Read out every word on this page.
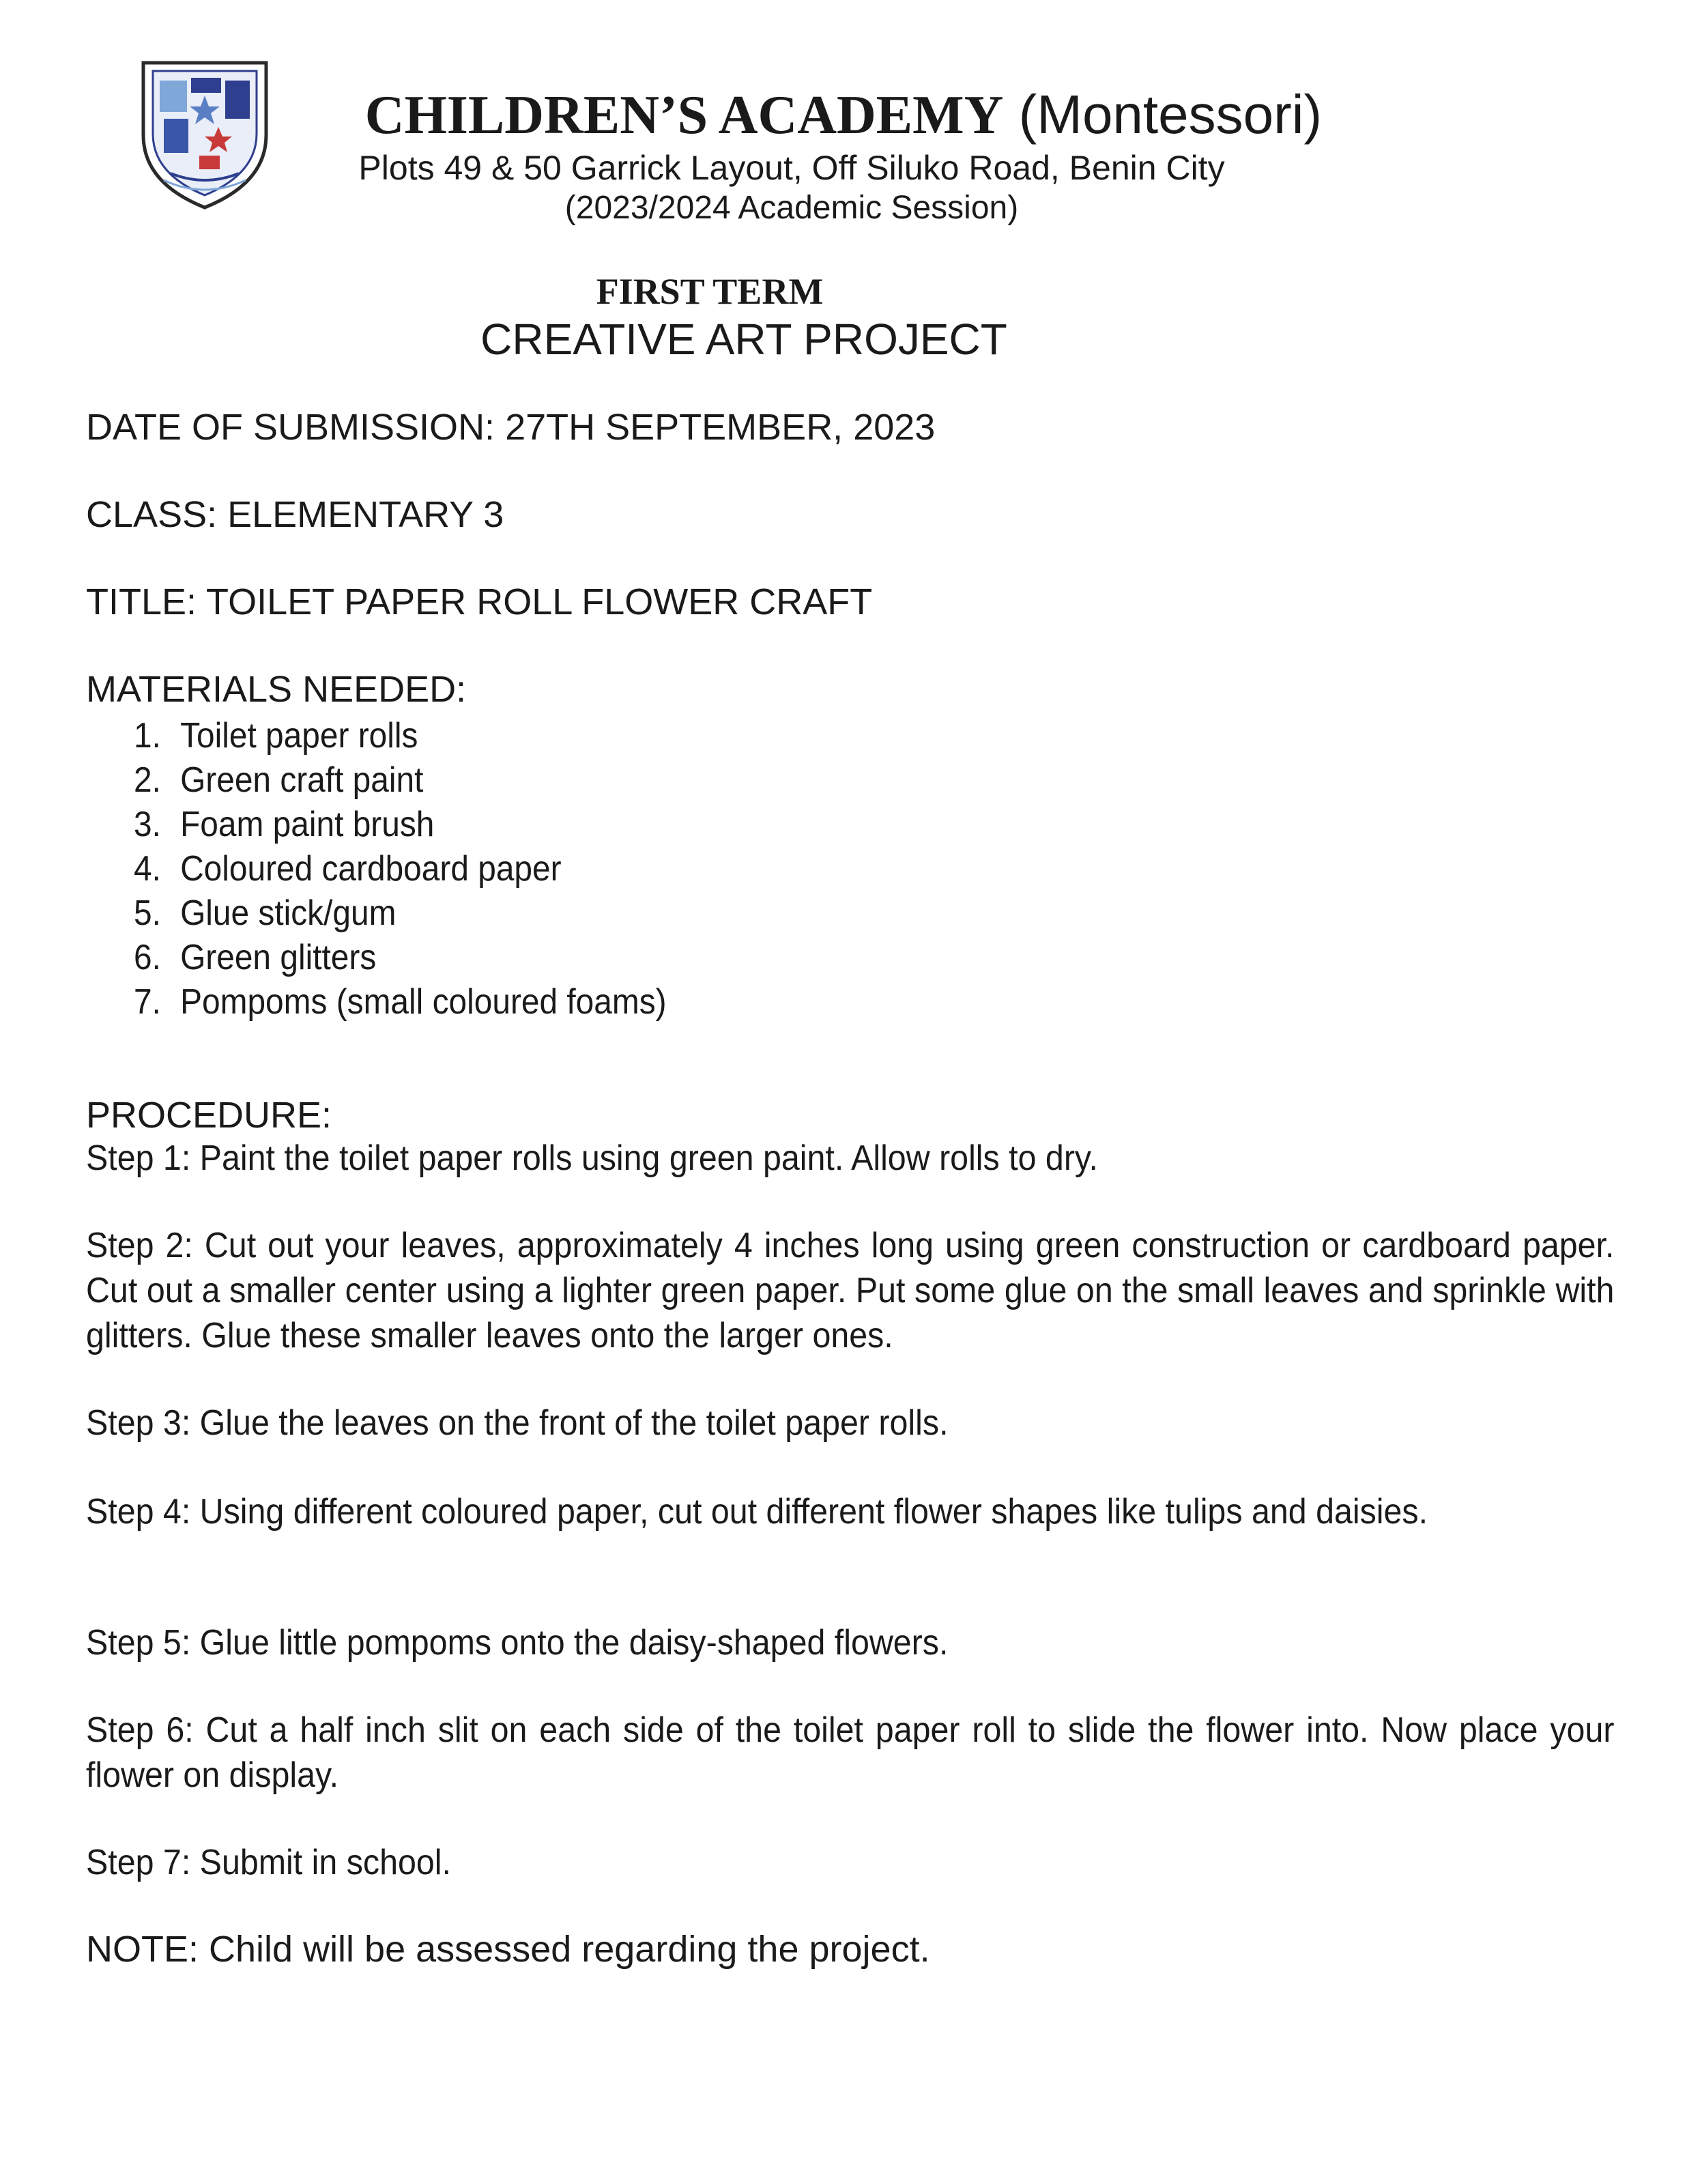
CHILDREN’S ACADEMY (Montessori)
Plots 49 & 50 Garrick Layout, Off Siluko Road, Benin City
(2023/2024 Academic Session)
FIRST TERM
CREATIVE ART PROJECT
DATE OF SUBMISSION: 27TH SEPTEMBER, 2023
CLASS: ELEMENTARY 3
TITLE: TOILET PAPER ROLL FLOWER CRAFT
MATERIALS NEEDED:
1. Toilet paper rolls
2. Green craft paint
3. Foam paint brush
4. Coloured cardboard paper
5. Glue stick/gum
6. Green glitters
7. Pompoms (small coloured foams)
PROCEDURE:
Step 1: Paint the toilet paper rolls using green paint. Allow rolls to dry.
Step 2: Cut out your leaves, approximately 4 inches long using green construction or cardboard paper. Cut out a smaller center using a lighter green paper. Put some glue on the small leaves and sprinkle with glitters. Glue these smaller leaves onto the larger ones.
Step 3: Glue the leaves on the front of the toilet paper rolls.
Step 4: Using different coloured paper, cut out different flower shapes like tulips and daisies.
Step 5: Glue little pompoms onto the daisy-shaped flowers.
Step 6: Cut a half inch slit on each side of the toilet paper roll to slide the flower into. Now place your flower on display.
Step 7: Submit in school.
NOTE: Child will be assessed regarding the project.
